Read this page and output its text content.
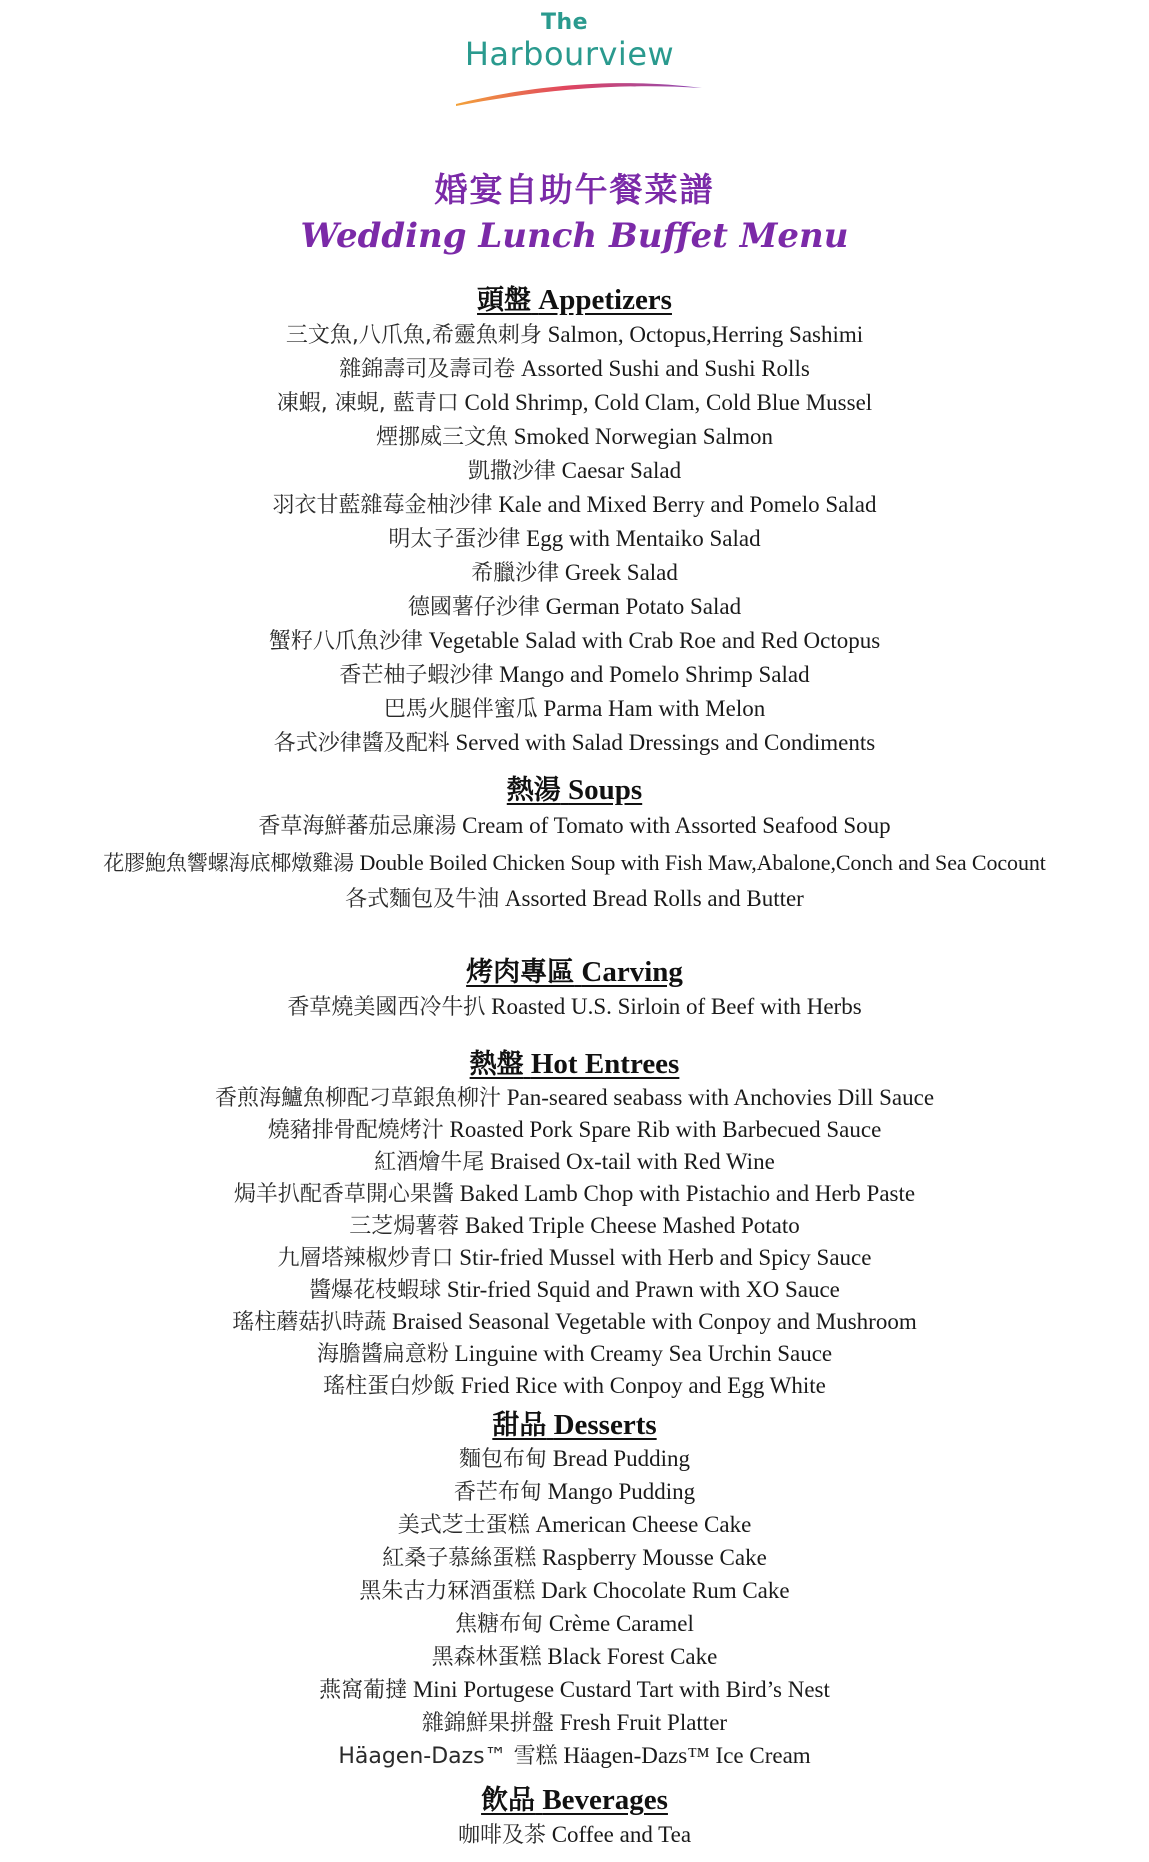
The
Harbourview
婚宴自助午餐菜譜
Wedding Lunch Buffet Menu
頭盤 Appetizers
三文魚,八爪魚,希靈魚刺身 Salmon, Octopus,Herring Sashimi
雜錦壽司及壽司卷 Assorted Sushi and Sushi Rolls
凍蝦, 凍蜆, 藍青口 Cold Shrimp, Cold Clam, Cold Blue Mussel
煙挪威三文魚 Smoked Norwegian Salmon
凱撒沙律 Caesar Salad
羽衣甘藍雜莓金柚沙律 Kale and Mixed Berry and Pomelo Salad
明太子蛋沙律 Egg with Mentaiko Salad
希臘沙律 Greek Salad
德國薯仔沙律 German Potato Salad
蟹籽八爪魚沙律 Vegetable Salad with Crab Roe and Red Octopus
香芒柚子蝦沙律 Mango and Pomelo Shrimp Salad
巴馬火腿伴蜜瓜 Parma Ham with Melon
各式沙律醬及配料 Served with Salad Dressings and Condiments
熱湯 Soups
香草海鮮蕃茄忌廉湯 Cream of Tomato with Assorted Seafood Soup
花膠鮑魚響螺海底椰燉雞湯 Double Boiled Chicken Soup with Fish Maw,Abalone,Conch and Sea Cocount
各式麵包及牛油 Assorted Bread Rolls and Butter
烤肉專區 Carving
香草燒美國西冷牛扒 Roasted U.S. Sirloin of Beef with Herbs
熱盤 Hot Entrees
香煎海鱸魚柳配刁草銀魚柳汁 Pan-seared seabass with Anchovies Dill Sauce
燒豬排骨配燒烤汁 Roasted Pork Spare Rib with Barbecued Sauce
紅酒燴牛尾 Braised Ox-tail with Red Wine
焗羊扒配香草開心果醬 Baked Lamb Chop with Pistachio and Herb Paste
三芝焗薯蓉 Baked Triple Cheese Mashed Potato
九層塔辣椒炒青口 Stir-fried Mussel with Herb and Spicy Sauce
醬爆花枝蝦球 Stir-fried Squid and Prawn with XO Sauce
瑤柱蘑菇扒時蔬 Braised Seasonal Vegetable with Conpoy and Mushroom
海膽醬扁意粉 Linguine with Creamy Sea Urchin Sauce
瑤柱蛋白炒飯 Fried Rice with Conpoy and Egg White
甜品 Desserts
麵包布甸 Bread Pudding
香芒布甸 Mango Pudding
美式芝士蛋糕 American Cheese Cake
紅桑子慕絲蛋糕 Raspberry Mousse Cake
黑朱古力冧酒蛋糕 Dark Chocolate Rum Cake
焦糖布甸 Crème Caramel
黑森林蛋糕 Black Forest Cake
燕窩葡撻 Mini Portugese Custard Tart with Bird’s Nest
雜錦鮮果拼盤 Fresh Fruit Platter
Häagen-Dazs™ 雪糕 Häagen-Dazs™ Ice Cream
飲品 Beverages
咖啡及茶 Coffee and Tea
